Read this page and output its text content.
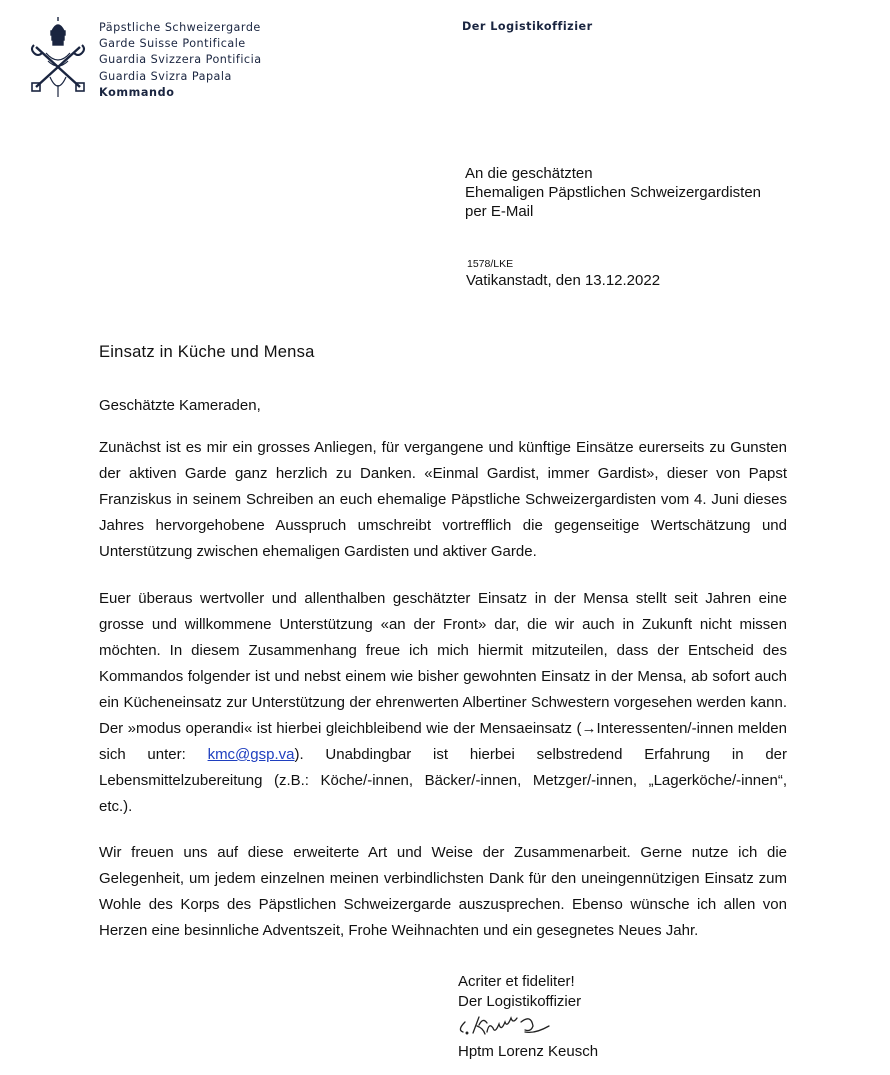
Päpstliche Schweizergarde
Garde Suisse Pontificale
Guardia Svizzera Pontificia
Guardia Svizra Papala
Kommando
Der Logistikoffizier
An die geschätzten
Ehemaligen Päpstlichen Schweizergardisten
per E-Mail
1578/LKE
Vatikanstadt, den 13.12.2022
Einsatz in Küche und Mensa
Geschätzte Kameraden,
Zunächst ist es mir ein grosses Anliegen, für vergangene und künftige Einsätze eurerseits zu Gunsten der aktiven Garde ganz herzlich zu Danken. «Einmal Gardist, immer Gardist», dieser von Papst Franziskus in seinem Schreiben an euch ehemalige Päpstliche Schweizergardisten vom 4. Juni dieses Jahres hervorgehobene Ausspruch umschreibt vortrefflich die gegenseitige Wertschätzung und Unterstützung zwischen ehemaligen Gardisten und aktiver Garde.
Euer überaus wertvoller und allenthalben geschätzter Einsatz in der Mensa stellt seit Jahren eine grosse und willkommene Unterstützung «an der Front» dar, die wir auch in Zukunft nicht missen möchten. In diesem Zusammenhang freue ich mich hiermit mitzuteilen, dass der Entscheid des Kommandos folgender ist und nebst einem wie bisher gewohnten Einsatz in der Mensa, ab sofort auch ein Kücheneinsatz zur Unterstützung der ehrenwerten Albertiner Schwestern vorgesehen werden kann. Der »modus operandi« ist hierbei gleichbleibend wie der Mensaeinsatz (→Interessenten/-innen melden sich unter: kmc@gsp.va). Unabdingbar ist hierbei selbstredend Erfahrung in der Lebensmittelzubereitung (z.B.: Köche/-innen, Bäcker/-innen, Metzger/-innen, „Lagerköche/-innen“, etc.).
Wir freuen uns auf diese erweiterte Art und Weise der Zusammenarbeit. Gerne nutze ich die Gelegenheit, um jedem einzelnen meinen verbindlichsten Dank für den uneingennützigen Einsatz zum Wohle des Korps des Päpstlichen Schweizergarde auszusprechen. Ebenso wünsche ich allen von Herzen eine besinnliche Adventszeit, Frohe Weihnachten und ein gesegnetes Neues Jahr.
Acriter et fideliter!
Der Logistikoffizier
Hptm Lorenz Keusch
